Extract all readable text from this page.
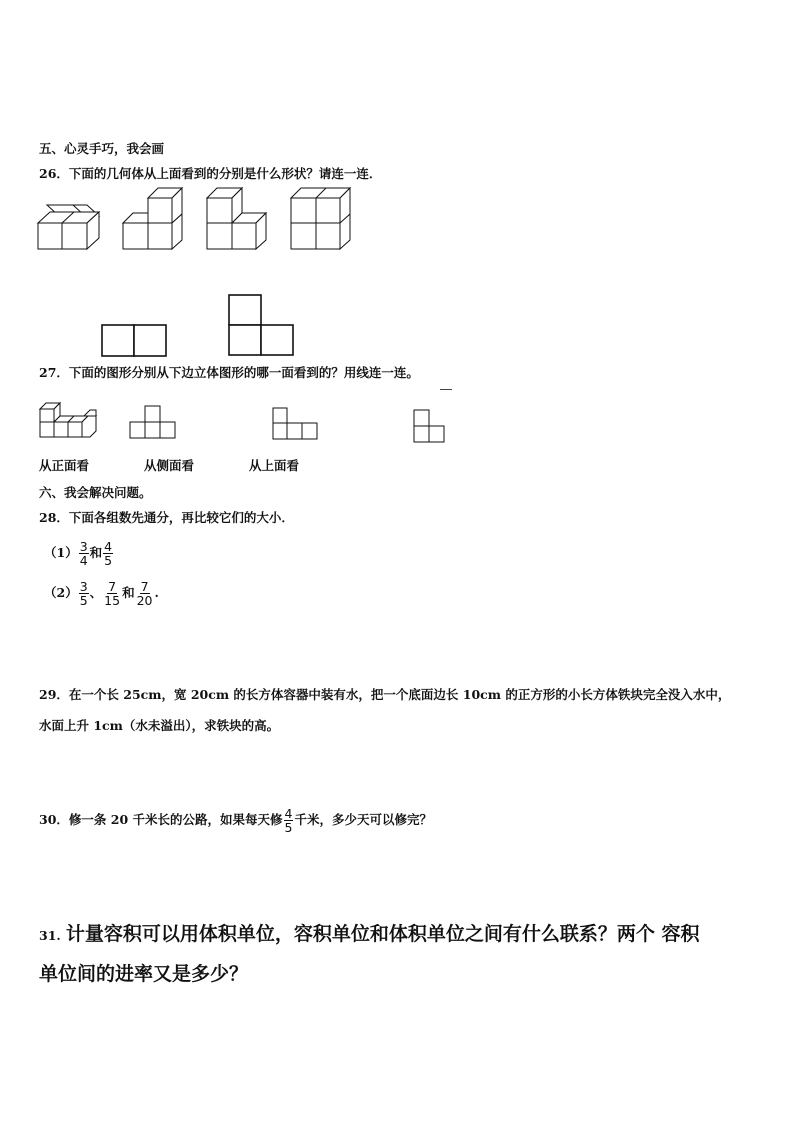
五、心灵手巧，我会画
26．下面的几何体从上面看到的分别是什么形状？请连一连．
27．下面的图形分别从下边立体图形的哪一面看到的？用线连一连。
从正面看	从侧面看	从上面看
六、我会解决问题。
28．下面各组数先通分，再比较它们的大小．
$(1) \frac{3}{4}$ 和 $\frac{4}{5}$
$(2) \frac{3}{5}$ 、 $\frac{7}{15}$ 和 $\frac{7}{20}$ .
29．在一个长 25cm，宽 20cm 的长方体容器中装有水，把一个底面边长 10cm 的正方形的小长方体铁块完全没入水中，
水面上升 1cm（水未溢出），求铁块的高。
30．修一条 20 千米长的公路，如果每天修 $\frac{4}{5}$ 千米，多少天可以修完？
31. 计量容积可以用体积单位，容积单位和体积单位之间有什么联系？两个 容积
单位间的进率又是多少？
